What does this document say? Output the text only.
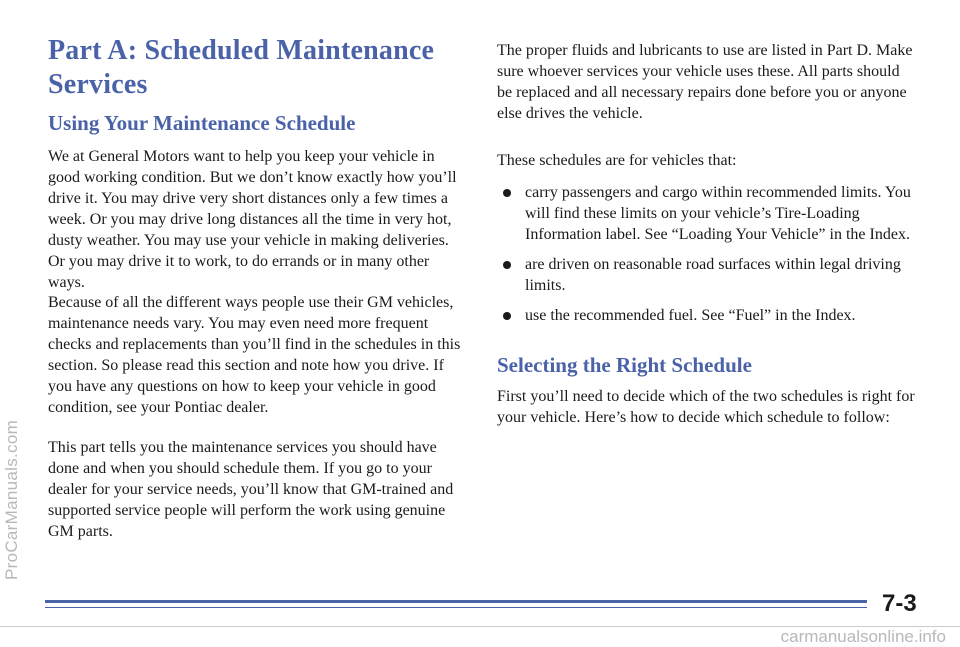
Part A: Scheduled Maintenance Services
Using Your Maintenance Schedule

We at General Motors want to help you keep your vehicle in good working condition. But we don’t know exactly how you’ll drive it. You may drive very short distances only a few times a week. Or you may drive long distances all the time in very hot, dusty weather. You may use your vehicle in making deliveries. Or you may drive it to work, to do errands or in many other ways.

Because of all the different ways people use their GM vehicles, maintenance needs vary. You may even need more frequent checks and replacements than you’ll find in the schedules in this section. So please read this section and note how you drive. If you have any questions on how to keep your vehicle in good condition, see your Pontiac dealer.

This part tells you the maintenance services you should have done and when you should schedule them. If you go to your dealer for your service needs, you’ll know that GM-trained and supported service people will perform the work using genuine GM parts.

The proper fluids and lubricants to use are listed in Part D. Make sure whoever services your vehicle uses these. All parts should be replaced and all necessary repairs done before you or anyone else drives the vehicle.

These schedules are for vehicles that:

carry passengers and cargo within recommended limits. You will find these limits on your vehicle’s Tire-Loading Information label. See “Loading Your Vehicle” in the Index.
are driven on reasonable road surfaces within legal driving limits.
use the recommended fuel. See “Fuel” in the Index.
Selecting the Right Schedule

First you’ll need to decide which of the two schedules is right for your vehicle. Here’s how to decide which schedule to follow:

7-3
ProCarManuals.com
carmanualsonline.info
